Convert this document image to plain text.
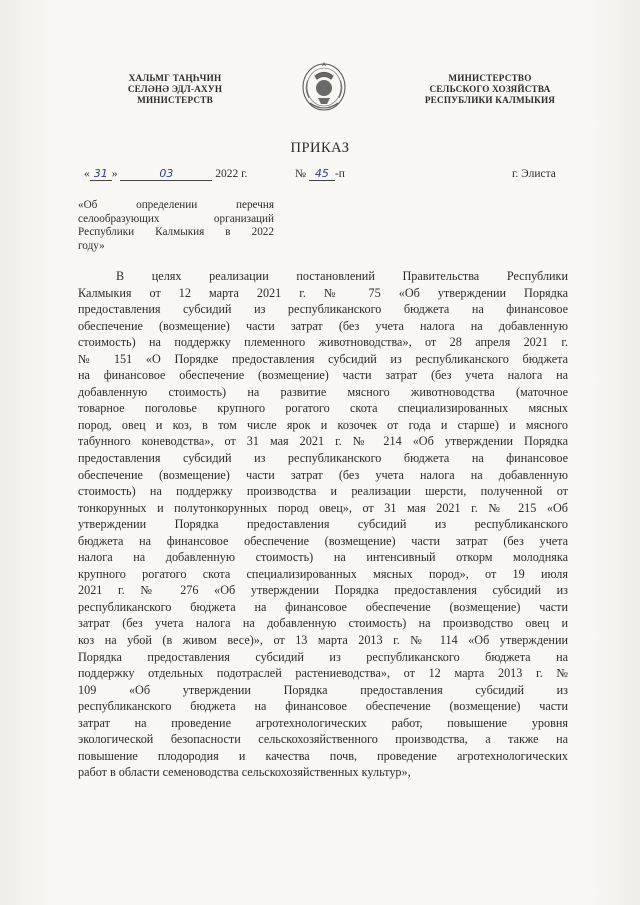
ХАЛЬМГ ТАҢҺЧИН
СЕЛӘНӘ ЭДЛ-АХУН
МИНИСТЕРСТВ
МИНИСТЕРСТВО
СЕЛЬСКОГО ХОЗЯЙСТВА
РЕСПУБЛИКИ КАЛМЫКИЯ
ПРИКАЗ
« 31 »	03	2022 г.	№ 45 -п	г. Элиста
«Об определении перечня
селообразующих организаций
Республики Калмыкия в 2022
году»
В целях реализации постановлений Правительства Республики
Калмыкия от 12 марта 2021 г. № 75 «Об утверждении Порядка
предоставления субсидий из республиканского бюджета на финансовое
обеспечение (возмещение) части затрат (без учета налога на добавленную
стоимость) на поддержку племенного животноводства», от 28 апреля 2021 г.
№ 151 «О Порядке предоставления субсидий из республиканского бюджета
на финансовое обеспечение (возмещение) части затрат (без учета налога на
добавленную стоимость) на развитие мясного животноводства (маточное
товарное поголовье крупного рогатого скота специализированных мясных
пород, овец и коз, в том числе ярок и козочек от года и старше) и мясного
табунного коневодства», от 31 мая 2021 г. № 214 «Об утверждении Порядка
предоставления субсидий из республиканского бюджета на финансовое
обеспечение (возмещение) части затрат (без учета налога на добавленную
стоимость) на поддержку производства и реализации шерсти, полученной от
тонкорунных и полутонкорунных пород овец», от 31 мая 2021 г. № 215 «Об
утверждении Порядка предоставления субсидий из республиканского
бюджета на финансовое обеспечение (возмещение) части затрат (без учета
налога на добавленную стоимость) на интенсивный откорм молодняка
крупного рогатого скота специализированных мясных пород», от 19 июля
2021 г. № 276 «Об утверждении Порядка предоставления субсидий из
республиканского бюджета на финансовое обеспечение (возмещение) части
затрат (без учета налога на добавленную стоимость) на производство овец и
коз на убой (в живом весе)», от 13 марта 2013 г. № 114 «Об утверждении
Порядка предоставления субсидий из республиканского бюджета на
поддержку отдельных подотраслей растениеводства», от 12 марта 2013 г. №
109 «Об утверждении Порядка предоставления субсидий из
республиканского бюджета на финансовое обеспечение (возмещение) части
затрат на проведение агротехнологических работ, повышение уровня
экологической безопасности сельскохозяйственного производства, а также на
повышение плодородия и качества почв, проведение агротехнологических
работ в области семеноводства сельскохозяйственных культур»,
